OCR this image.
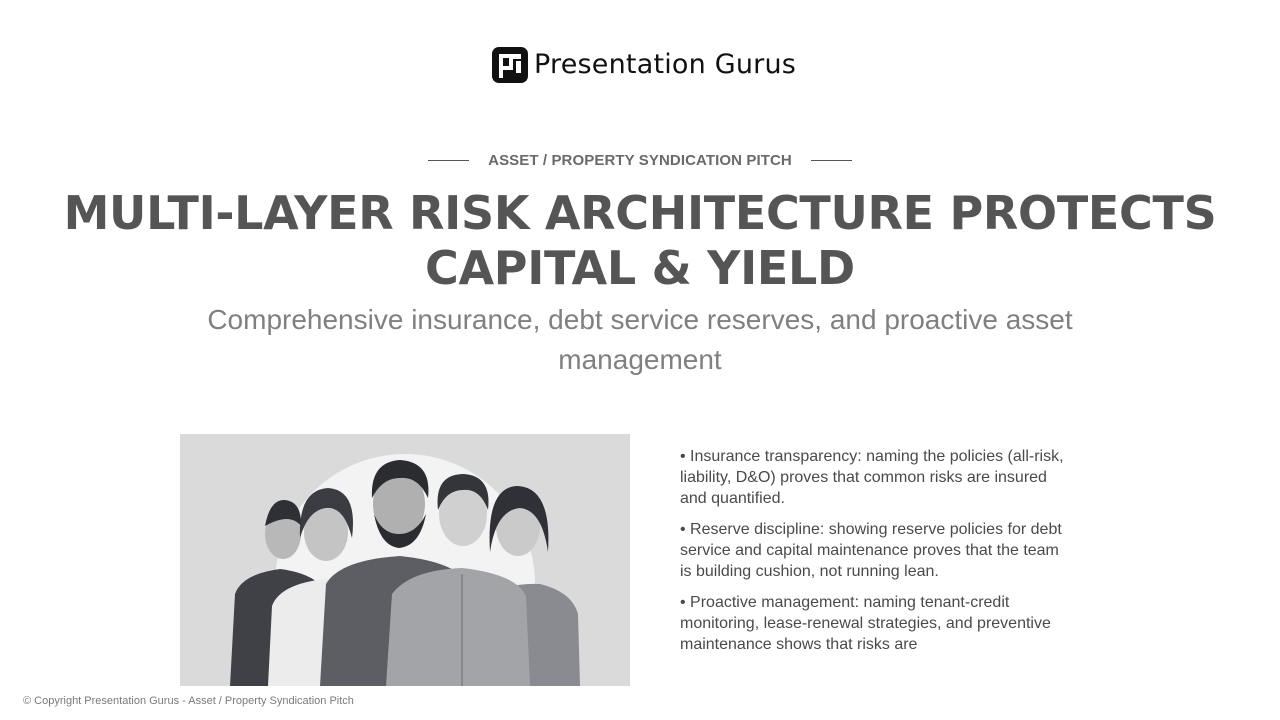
Presentation Gurus
ASSET / PROPERTY SYNDICATION PITCH
MULTI-LAYER RISK ARCHITECTURE PROTECTS CAPITAL & YIELD

Comprehensive insurance, debt service reserves, and proactive asset management

• Insurance transparency: naming the policies (all-risk, liability, D&O) proves that common risks are insured and quantified.
• Reserve discipline: showing reserve policies for debt service and capital maintenance proves that the team is building cushion, not running lean.
• Proactive management: naming tenant-credit monitoring, lease-renewal strategies, and preventive maintenance shows that risks are
© Copyright Presentation Gurus - Asset / Property Syndication Pitch
